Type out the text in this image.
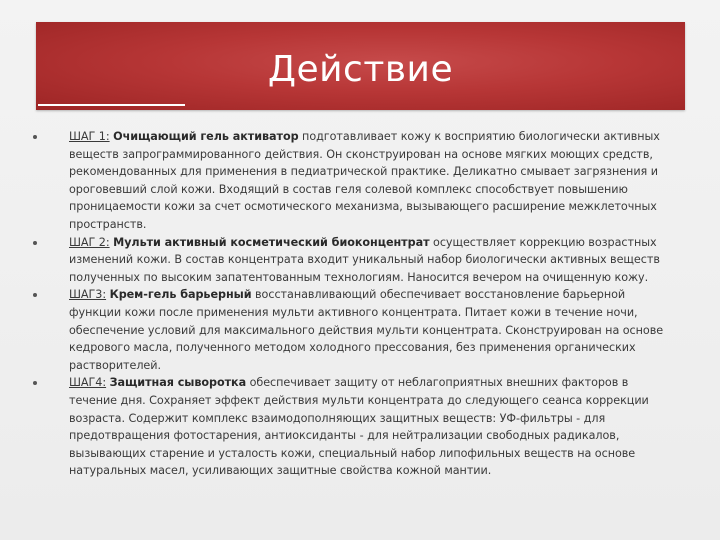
Действие
ШАГ 1: Очищающий гель активатор подготавливает кожу к восприятию биологически активных веществ запрограммированного действия. Он сконструирован на основе мягких моющих средств, рекомендованных для применения в педиатрической практике. Деликатно смывает загрязнения и ороговевший слой кожи. Входящий в состав геля солевой комплекс способствует повышению проницаемости кожи за счет осмотического механизма, вызывающего расширение межклеточных пространств.
ШАГ 2: Мульти активный косметический биоконцентрат осуществляет коррекцию возрастных изменений кожи. В состав концентрата входит уникальный набор биологически активных веществ полученных по высоким запатентованным технологиям. Наносится вечером на очищенную кожу.
ШАГ3: Крем-гель барьерный восстанавливающий обеспечивает восстановление барьерной функции кожи после применения мульти активного концентрата. Питает кожи в течение ночи, обеспечение условий для максимального действия мульти концентрата. Сконструирован на основе кедрового масла, полученного методом холодного прессования, без применения органических растворителей.
ШАГ4: Защитная сыворотка обеспечивает защиту от неблагоприятных внешних факторов в течение дня. Сохраняет эффект действия мульти концентрата до следующего сеанса коррекции возраста. Содержит комплекс взаимодополняющих защитных веществ: УФ-фильтры - для предотвращения фотостарения, антиоксиданты - для нейтрализации свободных радикалов, вызывающих старение и усталость кожи, специальный набор липофильных веществ на основе натуральных масел, усиливающих защитные свойства кожной мантии.
